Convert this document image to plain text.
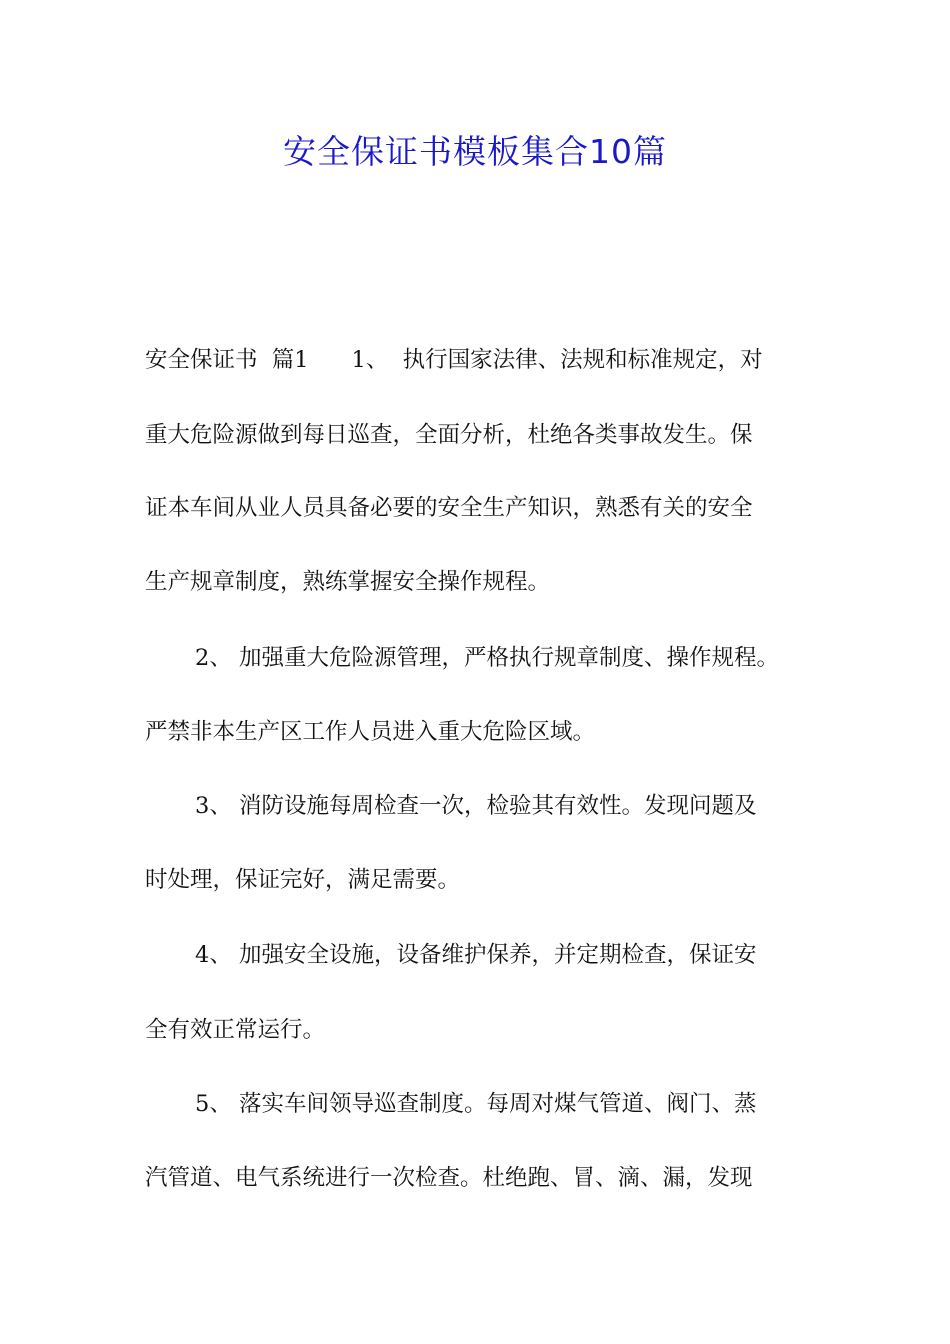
安全保证书模板集合10篇
安全保证书  篇1      1、  执行国家法律、法规和标准规定，对
重大危险源做到每日巡查，全面分析，杜绝各类事故发生。保
证本车间从业人员具备必要的安全生产知识，熟悉有关的安全
生产规章制度，熟练掌握安全操作规程。
2、 加强重大危险源管理，严格执行规章制度、操作规程。
严禁非本生产区工作人员进入重大危险区域。
3、 消防设施每周检查一次，检验其有效性。发现问题及
时处理，保证完好，满足需要。
4、 加强安全设施，设备维护保养，并定期检查，保证安
全有效正常运行。
5、 落实车间领导巡查制度。每周对煤气管道、阀门、蒸
汽管道、电气系统进行一次检查。杜绝跑、冒、滴、漏，发现
